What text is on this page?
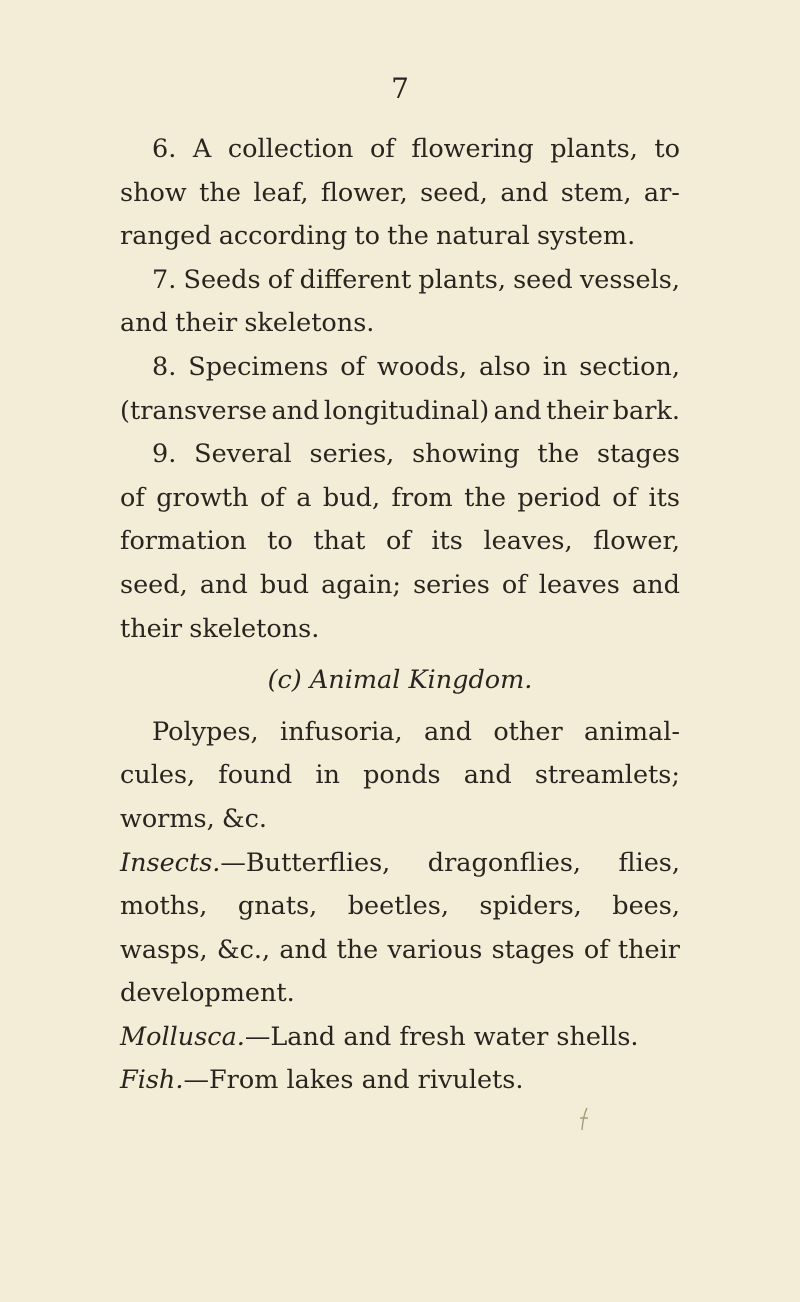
7
6. A collection of flowering plants, to
show the leaf, flower, seed, and stem, ar-
ranged according to the natural system.
7. Seeds of different plants, seed vessels,
and their skeletons.
8. Specimens of woods, also in section,
(transverse and longitudinal) and their bark.
9. Several series, showing the stages
of growth of a bud, from the period of its
formation to that of its leaves, flower,
seed, and bud again; series of leaves and
their skeletons.
(c) Animal Kingdom.
Polypes, infusoria, and other animal-
cules, found in ponds and streamlets;
worms, &c.
Insects.—Butterflies, dragonflies, flies,
moths, gnats, beetles, spiders, bees,
wasps, &c., and the various stages of their
development.
Mollusca.—Land and fresh water shells.
Fish.—From lakes and rivulets.
